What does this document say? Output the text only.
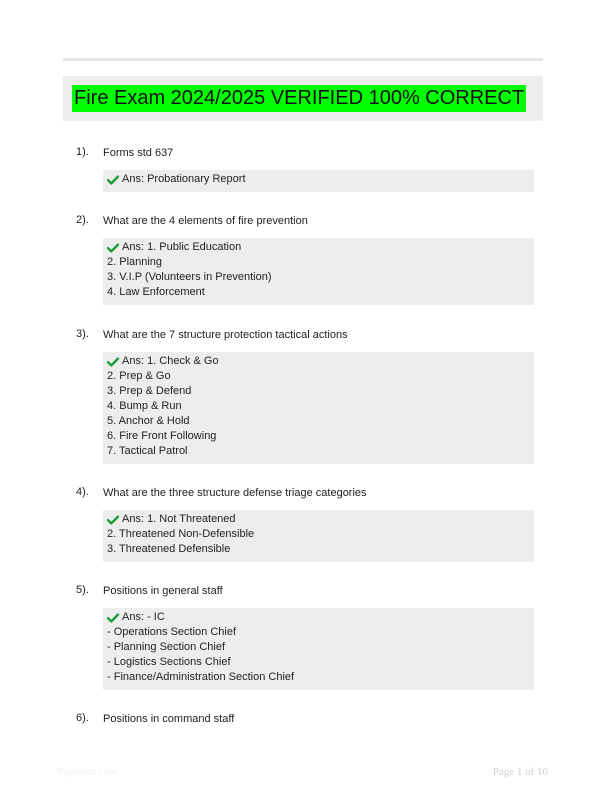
Fire Exam 2024/2025 VERIFIED 100% CORRECT
1). Forms std 637
Ans: Probationary Report
2). What are the 4 elements of fire prevention
Ans: 1. Public Education
2. Planning
3. V.I.P (Volunteers in Prevention)
4. Law Enforcement
3). What are the 7 structure protection tactical actions
Ans: 1. Check & Go
2. Prep & Go
3. Prep & Defend
4. Bump & Run
5. Anchor & Hold
6. Fire Front Following
7. Tactical Patrol
4). What are the three structure defense triage categories
Ans: 1. Not Threatened
2. Threatened Non-Defensible
3. Threatened Defensible
5). Positions in general staff
Ans: - IC
- Operations Section Chief
- Planning Section Chief
- Logistics Sections Chief
- Finance/Administration Section Chief
6). Positions in command staff
Paper9bit.com	Page 1 of 10
